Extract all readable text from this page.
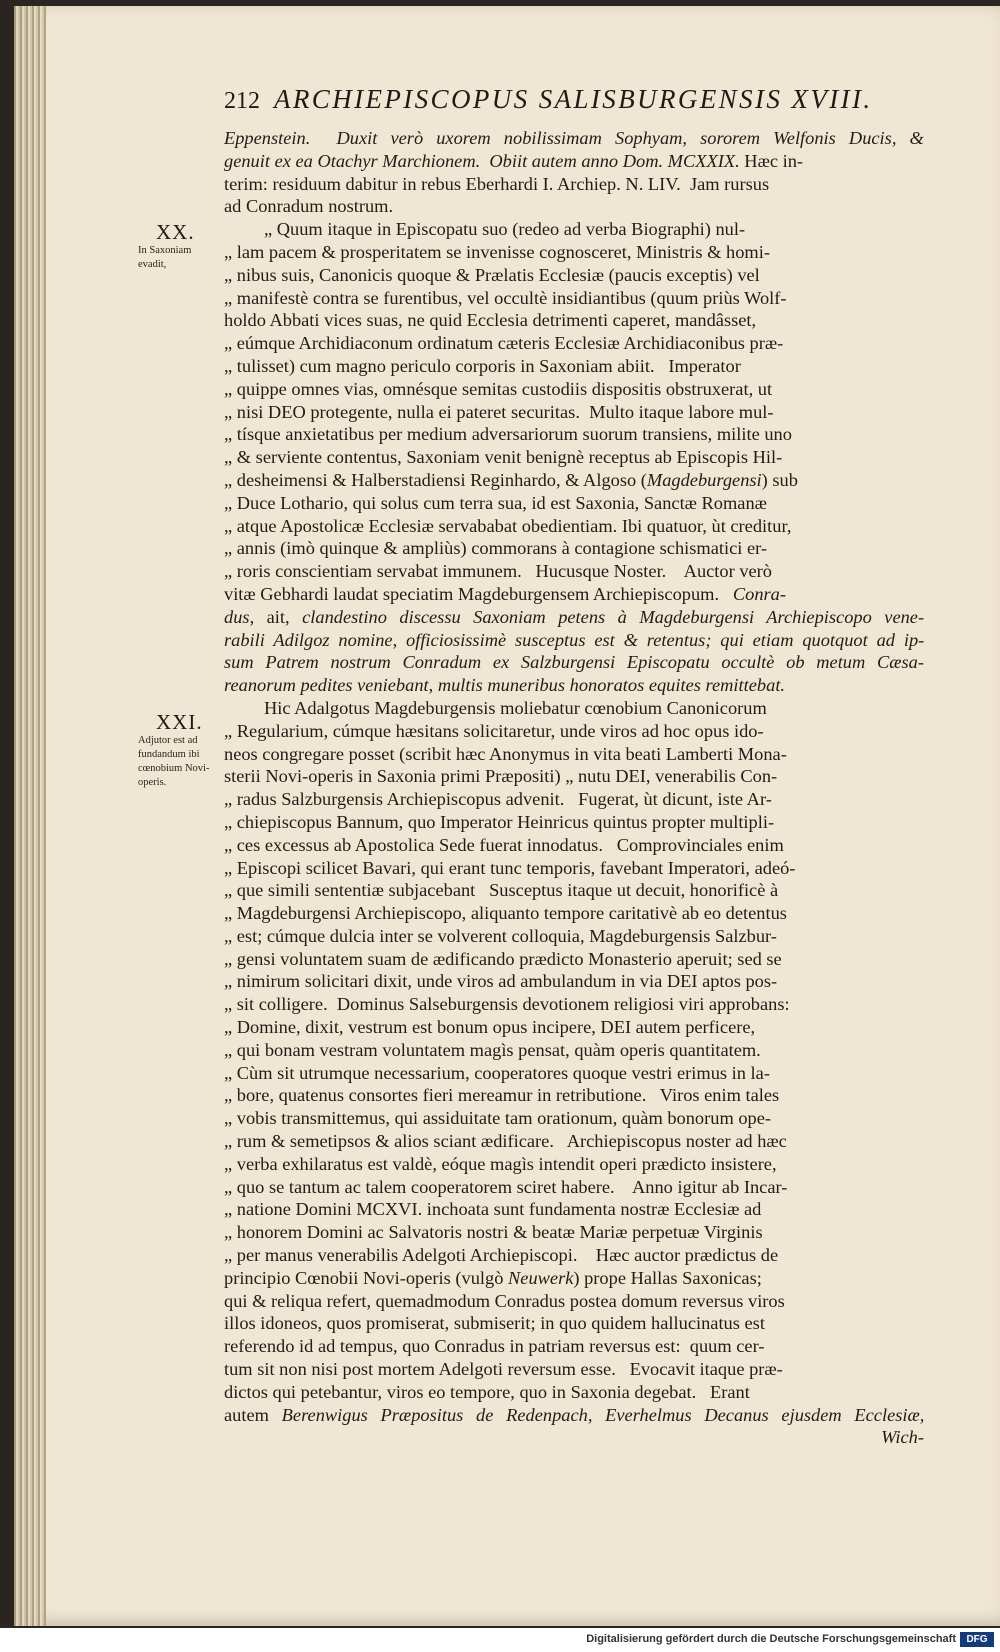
212 ARCHIEPISCOPUS SALISBURGENSIS XVIII.
XX.
In Saxoniam evadit,
XXI.
Adjutor est ad fundandum ibi cœnobium Novi-operis.
Eppenstein.  Duxit verò uxorem nobilissimam Sophyam, sororem Welfonis Ducis, &
genuit ex ea Otachyr Marchionem.  Obiit autem anno Dom. MCXXIX. Hæc in-
terim: residuum dabitur in rebus Eberhardi I. Archiep. N. LIV.  Jam rursus
ad Conradum nostrum.
„ Quum itaque in Episcopatu suo (redeo ad verba Biographi) nul-
„ lam pacem & prosperitatem se invenisse cognosceret, Ministris & homi-
„ nibus suis, Canonicis quoque & Prælatis Ecclesiæ (paucis exceptis) vel
„ manifestè contra se furentibus, vel occultè insidiantibus (quum priùs Wolf-
holdo Abbati vices suas, ne quid Ecclesia detrimenti caperet, mandâsset,
„ eúmque Archidiaconum ordinatum cæteris Ecclesiæ Archidiaconibus præ-
„ tulisset) cum magno periculo corporis in Saxoniam abiit.   Imperator
„ quippe omnes vias, omnésque semitas custodiis dispositis obstruxerat, ut
„ nisi DEO protegente, nulla ei pateret securitas.  Multo itaque labore mul-
„ tísque anxietatibus per medium adversariorum suorum transiens, milite uno
„ & serviente contentus, Saxoniam venit benignè receptus ab Episcopis Hil-
„ desheimensi & Halberstadiensi Reginhardo, & Algoso (Magdeburgensi) sub
„ Duce Lothario, qui solus cum terra sua, id est Saxonia, Sanctæ Romanæ
„ atque Apostolicæ Ecclesiæ servababat obedientiam. Ibi quatuor, ùt creditur,
„ annis (imò quinque & ampliùs) commorans à contagione schismatici er-
„ roris conscientiam servabat immunem.   Hucusque Noster.    Auctor verò
vitæ Gebhardi laudat speciatim Magdeburgensem Archiepiscopum.   Conra-
dus, ait, clandestino discessu Saxoniam petens à Magdeburgensi Archiepiscopo vene-
rabili Adilgoz nomine, officiosissimè susceptus est & retentus; qui etiam quotquot ad ip-
sum Patrem nostrum Conradum ex Salzburgensi Episcopatu occultè ob metum Cæsa-
reanorum pedites veniebant, multis muneribus honoratos equites remittebat.
Hic Adalgotus Magdeburgensis moliebatur cœnobium Canonicorum
„ Regularium, cúmque hæsitans solicitaretur, unde viros ad hoc opus ido-
neos congregare posset (scribit hæc Anonymus in vita beati Lamberti Mona-
sterii Novi-operis in Saxonia primi Præpositi) „ nutu DEI, venerabilis Con-
„ radus Salzburgensis Archiepiscopus advenit.   Fugerat, ùt dicunt, iste Ar-
„ chiepiscopus Bannum, quo Imperator Heinricus quintus propter multipli-
„ ces excessus ab Apostolica Sede fuerat innodatus.   Comprovinciales enim
„ Episcopi scilicet Bavari, qui erant tunc temporis, favebant Imperatori, adeó-
„ que simili sententiæ subjacebant   Susceptus itaque ut decuit, honorificè à
„ Magdeburgensi Archiepiscopo, aliquanto tempore caritativè ab eo detentus
„ est; cúmque dulcia inter se volverent colloquia, Magdeburgensis Salzbur-
„ gensi voluntatem suam de ædificando prædicto Monasterio aperuit; sed se
„ nimirum solicitari dixit, unde viros ad ambulandum in via DEI aptos pos-
„ sit colligere.  Dominus Salseburgensis devotionem religiosi viri approbans:
„ Domine, dixit, vestrum est bonum opus incipere, DEI autem perficere,
„ qui bonam vestram voluntatem magìs pensat, quàm operis quantitatem.
„ Cùm sit utrumque necessarium, cooperatores quoque vestri erimus in la-
„ bore, quatenus consortes fieri mereamur in retributione.   Viros enim tales
„ vobis transmittemus, qui assiduitate tam orationum, quàm bonorum ope-
„ rum & semetipsos & alios sciant ædificare.   Archiepiscopus noster ad hæc
„ verba exhilaratus est valdè, eóque magìs intendit operi prædicto insistere,
„ quo se tantum ac talem cooperatorem sciret habere.    Anno igitur ab Incar-
„ natione Domini MCXVI. inchoata sunt fundamenta nostræ Ecclesiæ ad
„ honorem Domini ac Salvatoris nostri & beatæ Mariæ perpetuæ Virginis
„ per manus venerabilis Adelgoti Archiepiscopi.    Hæc auctor prædictus de
principio Cœnobii Novi-operis (vulgò Neuwerk) prope Hallas Saxonicas;
qui & reliqua refert, quemadmodum Conradus postea domum reversus viros
illos idoneos, quos promiserat, submiserit; in quo quidem hallucinatus est
referendo id ad tempus, quo Conradus in patriam reversus est:  quum cer-
tum sit non nisi post mortem Adelgoti reversum esse.   Evocavit itaque præ-
dictos qui petebantur, viros eo tempore, quo in Saxonia degebat.   Erant
autem Berenwigus Præpositus de Redenpach, Everhelmus Decanus ejusdem Ecclesiæ,
Wich-
Digitalisierung gefördert durch die Deutsche Forschungsgemeinschaft	DFG
